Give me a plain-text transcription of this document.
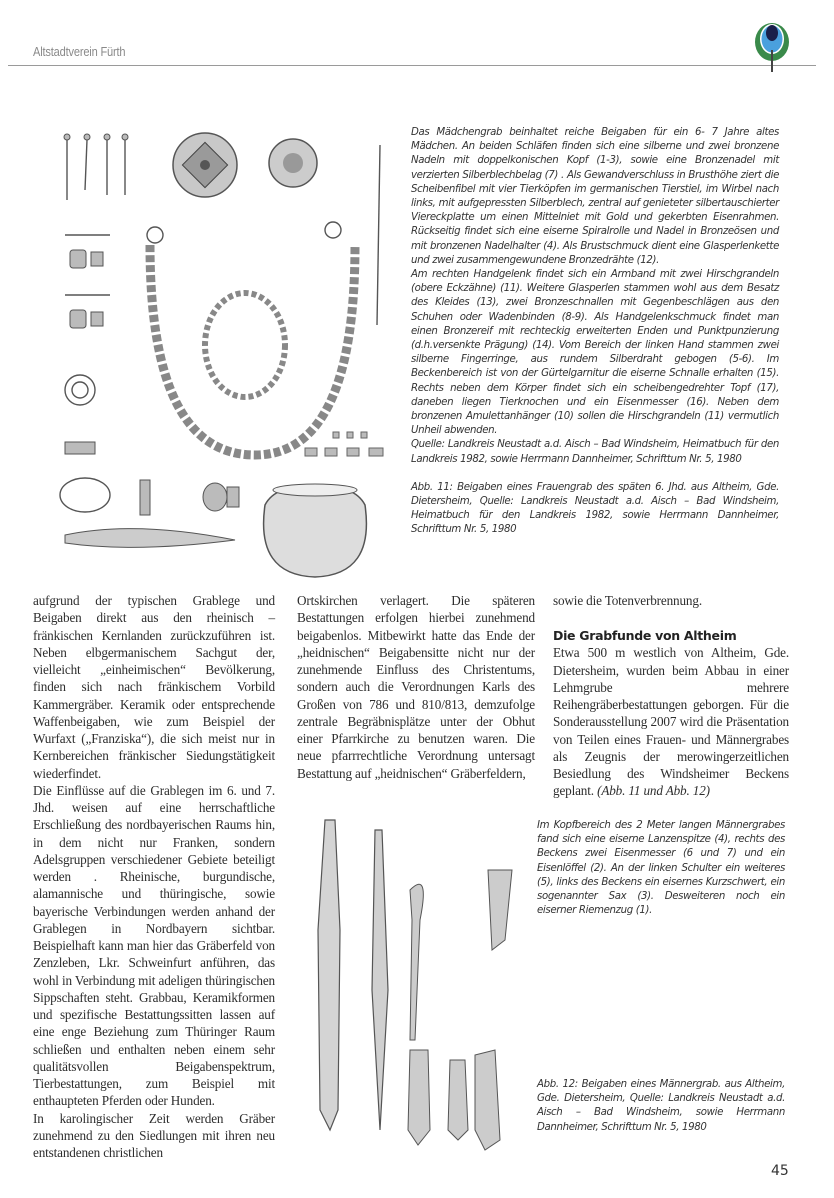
Altstadtverein Fürth
Das Mädchengrab beinhaltet reiche Beigaben für ein 6- 7 Jahre altes Mädchen. An beiden Schläfen finden sich eine silberne und zwei bronzene Nadeln mit doppelkonischen Kopf (1-3), sowie eine Bronzenadel mit verzierten Silberblechbelag (7) . Als Gewandverschluss in Brusthöhe ziert die Scheibenfibel mit vier Tierköpfen im germanischen Tierstiel, im Wirbel nach links, mit aufgepressten Silberblech, zentral auf genieteter silbertauschierter Viereckplatte um einen Mittelniet mit Gold und gekerbten Eisenrahmen. Rückseitig findet sich eine eiserne Spiralrolle und Nadel in Bronzeösen und mit bronzenen Nadelhalter (4). Als Brustschmuck dient eine Glasperlenkette und zwei zusammengewundene Bronzedrähte (12).
Am rechten Handgelenk findet sich ein Armband mit zwei Hirschgrandeln (obere Eckzähne) (11). Weitere Glasperlen stammen wohl aus dem Besatz des Kleides (13), zwei Bronzeschnallen mit Gegenbeschlägen aus den Schuhen oder Wadenbinden (8-9). Als Handgelenkschmuck findet man einen Bronzereif mit rechteckig erweiterten Enden und Punktpunzierung (d.h.versenkte Prägung) (14). Vom Bereich der linken Hand stammen zwei silberne Fingerringe, aus rundem Silberdraht gebogen (5-6). Im Beckenbereich ist von der Gürtelgarnitur die eiserne Schnalle erhalten (15). Rechts neben dem Körper findet sich ein scheibengedrehter Topf (17), daneben liegen Tierknochen und ein Eisenmesser (16). Neben dem bronzenen Amulettanhänger (10) sollen die Hirschgrandeln (11) vermutlich Unheil abwenden.
Quelle: Landkreis Neustadt a.d. Aisch – Bad Windsheim, Heimatbuch für den Landkreis 1982, sowie Herrmann Dannheimer, Schrifttum Nr. 5, 1980
Abb. 11: Beigaben eines Frauengrab des späten 6. Jhd. aus Altheim, Gde. Dietersheim, Quelle: Landkreis Neustadt a.d. Aisch – Bad Windsheim, Heimatbuch für den Landkreis 1982, sowie Herrmann Dannheimer, Schrifttum Nr. 5, 1980

aufgrund der typischen Grablege und Beigaben direkt aus den rheinisch – fränkischen Kernlanden zurückzuführen ist. Neben elbgermanischem Sachgut der, vielleicht „einheimischen“ Bevölkerung, finden sich nach fränkischem Vorbild Kammergräber. Keramik oder entsprechende Waffenbeigaben, wie zum Beispiel der Wurfaxt („Franziska“), die sich meist nur in Kernbereichen fränkischer Siedungstätigkeit wiederfindet.

Die Einflüsse auf die Grablegen im 6. und 7. Jhd. weisen auf eine herrschaftliche Erschließung des nordbayerischen Raums hin, in dem nicht nur Franken, sondern Adelsgruppen verschiedener Gebiete beteiligt werden . Rheinische, burgundische, alamannische und thüringische, sowie bayerische Verbindungen werden anhand der Grablegen in Nordbayern sichtbar. Beispielhaft kann man hier das Gräberfeld von Zenzleben, Lkr. Schweinfurt anführen, das wohl in Verbindung mit adeligen thüringischen Sippschaften steht. Grabbau, Keramikformen und spezifische Bestattungssitten lassen auf eine enge Beziehung zum Thüringer Raum schließen und enthalten neben einem sehr qualitätsvollen Beigabenspektrum, Tierbestattungen, zum Beispiel mit enthaupteten Pferden oder Hunden.

In karolingischer Zeit werden Gräber zunehmend zu den Siedlungen mit ihren neu entstandenen christlichen

Ortskirchen verlagert. Die späteren Bestattungen erfolgen hierbei zunehmend beigabenlos. Mitbewirkt hatte das Ende der „heidnischen“ Beigabensitte nicht nur der zunehmende Einfluss des Christentums, sondern auch die Verordnungen Karls des Großen von 786 und 810/813, demzufolge zentrale Begräbnisplätze unter der Obhut einer Pfarrkirche zu benutzen waren. Die neue pfarrrechtliche Verordnung untersagt Bestattung auf „heidnischen“ Gräberfeldern,

sowie die Totenverbrennung.

Die Grabfunde von Altheim

Etwa 500 m westlich von Altheim, Gde. Dietersheim, wurden beim Abbau in einer Lehmgrube mehrere Reihengräberbestattungen geborgen. Für die Sonderausstellung 2007 wird die Präsentation von Teilen eines Frauen- und Männergrabes als Zeugnis der merowingerzeitlichen Besiedlung des Windsheimer Beckens geplant. (Abb. 11 und Abb. 12)

Im Kopfbereich des 2 Meter langen Männergrabes fand sich eine eiserne Lanzenspitze (4), rechts des Beckens zwei Eisenmesser (6 und 7) und ein Eisenlöffel (2). An der linken Schulter ein weiteres (5), links des Beckens ein eisernes Kurzschwert, ein sogenannter Sax (3). Desweiteren noch ein eiserner Riemenzug (1).
Abb. 12: Beigaben eines Männergrab. aus Altheim, Gde. Dietersheim, Quelle: Landkreis Neustadt a.d. Aisch – Bad Windsheim, sowie Herrmann Dannheimer, Schrifttum Nr. 5, 1980
45
